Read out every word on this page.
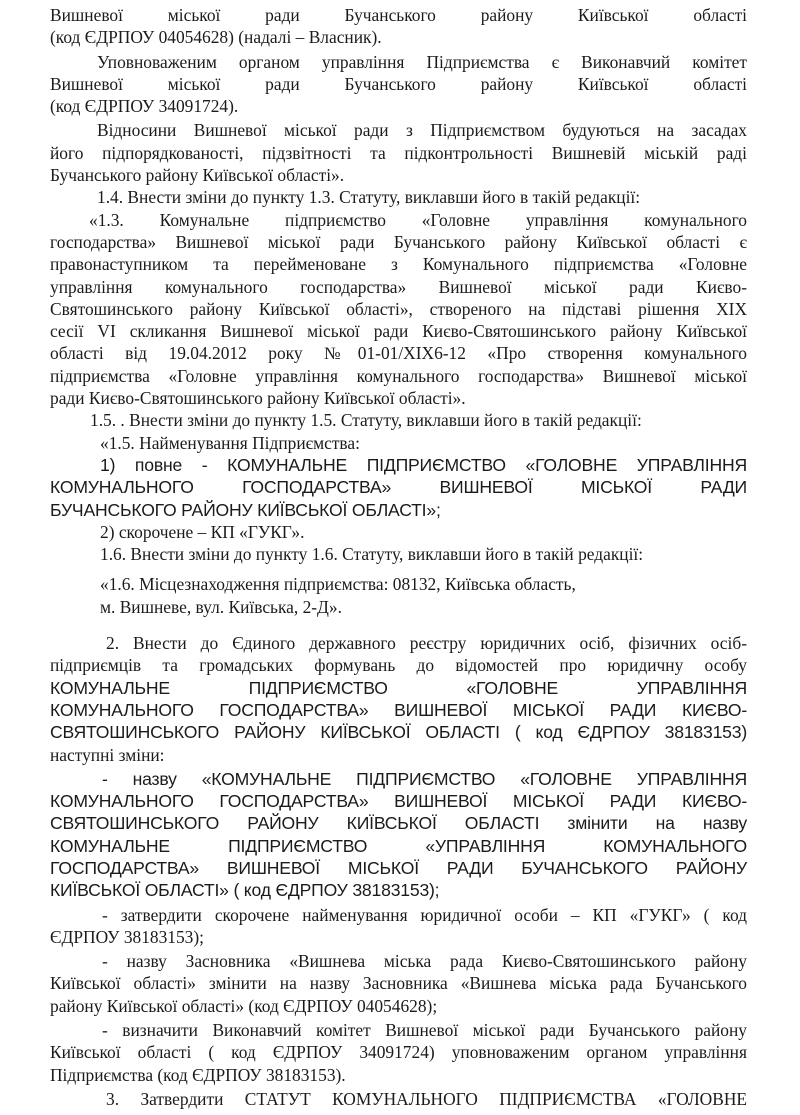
Вишневої міської ради Бучанського району Київської області

(код ЄДРПОУ 04054628) (надалі – Власник).

Уповноваженим органом управління Підприємства є Виконавчий комітет

Вишневої міської ради Бучанського району Київської області

(код ЄДРПОУ 34091724).

Відносини Вишневої міської ради з Підприємством будуються на засадах

його підпорядкованості, підзвітності та підконтрольності Вишневій міській раді

Бучанського району Київської області».

1.4. Внести зміни до пункту 1.3. Статуту, виклавши його в такій редакції:

«1.3. Комунальне підприємство «Головне управління комунального

господарства» Вишневої міської ради Бучанського району Київської області є

правонаступником та перейменоване з Комунального підприємства «Головне

управління комунального господарства» Вишневої міської ради Києво-

Святошинського району Київської області», створеного на підставі рішення XIX

сесії VI скликання Вишневої міської ради Києво-Святошинського району Київської

області від 19.04.2012 року №01-01/XIX6-12 «Про створення комунального

підприємства «Головне управління комунального господарства» Вишневої міської

ради Києво-Святошинського району Київської області».

1.5. . Внести зміни до пункту 1.5. Статуту, виклавши його в такій редакції:

«1.5. Найменування Підприємства:

1) повне - КОМУНАЛЬНЕ ПІДПРИЄМСТВО «ГОЛОВНЕ УПРАВЛІННЯ

КОМУНАЛЬНОГО ГОСПОДАРСТВА» ВИШНЕВОЇ МІСЬКОЇ РАДИ

БУЧАНСЬКОГО РАЙОНУ КИЇВСЬКОЇ ОБЛАСТІ»;

2) скорочене – КП «ГУКГ».

1.6. Внести зміни до пункту 1.6. Статуту, виклавши його в такій редакції:

«1.6. Місцезнаходження підприємства: 08132, Київська область,

м. Вишневе, вул. Київська, 2-Д».

2. Внести до Єдиного державного реєстру юридичних осіб, фізичних осіб-

підприємців та громадських формувань до відомостей про юридичну особу

КОМУНАЛЬНЕ ПІДПРИЄМСТВО «ГОЛОВНЕ УПРАВЛІННЯ

КОМУНАЛЬНОГО ГОСПОДАРСТВА» ВИШНЕВОЇ МІСЬКОЇ РАДИ КИЄВО-

СВЯТОШИНСЬКОГО РАЙОНУ КИЇВСЬКОЇ ОБЛАСТІ ( код ЄДРПОУ 38183153)

наступні зміни:

- назву «КОМУНАЛЬНЕ ПІДПРИЄМСТВО «ГОЛОВНЕ УПРАВЛІННЯ

КОМУНАЛЬНОГО ГОСПОДАРСТВА» ВИШНЕВОЇ МІСЬКОЇ РАДИ КИЄВО-

СВЯТОШИНСЬКОГО РАЙОНУ КИЇВСЬКОЇ ОБЛАСТІ змінити на назву

КОМУНАЛЬНЕ ПІДПРИЄМСТВО «УПРАВЛІННЯ КОМУНАЛЬНОГО

ГОСПОДАРСТВА» ВИШНЕВОЇ МІСЬКОЇ РАДИ БУЧАНСЬКОГО РАЙОНУ

КИЇВСЬКОЇ ОБЛАСТІ» ( код ЄДРПОУ 38183153);

- затвердити скорочене найменування юридичної особи – КП «ГУКГ» ( код

ЄДРПОУ 38183153);

- назву Засновника «Вишнева міська рада Києво-Святошинського району

Київської області» змінити на назву Засновника «Вишнева міська рада Бучанського

району Київської області» (код ЄДРПОУ 04054628);

- визначити Виконавчий комітет Вишневої міської ради Бучанського району

Київської області ( код ЄДРПОУ 34091724) уповноваженим органом управління

Підприємства (код ЄДРПОУ 38183153).

3. Затвердити СТАТУТ КОМУНАЛЬНОГО ПІДПРИЄМСТВА «ГОЛОВНЕ
